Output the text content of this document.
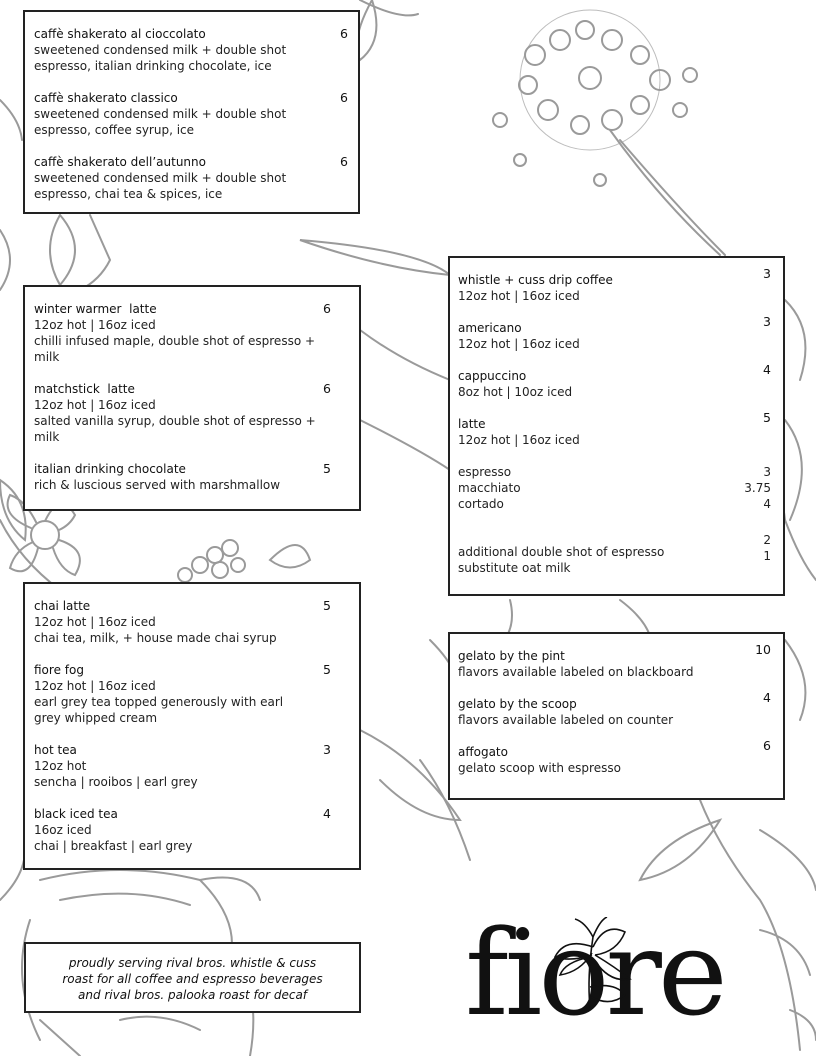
caffè shakerato al cioccolato
sweetened condensed milk + double shot
espresso, italian drinking chocolate, ice
6
caffè shakerato classico
sweetened condensed milk + double shot
espresso, coffee syrup, ice
6
caffè shakerato dell’autunno
sweetened condensed milk + double shot
espresso, chai tea & spices, ice
6
winter warmer  latte
12oz hot | 16oz iced
chilli infused maple, double shot of espresso +
milk
6
matchstick  latte
12oz hot | 16oz iced
salted vanilla syrup, double shot of espresso +
milk
6
italian drinking chocolate
rich & luscious served with marshmallow
5
chai latte
12oz hot | 16oz iced
chai tea, milk, + house made chai syrup
5
fiore fog
12oz hot | 16oz iced
earl grey tea topped generously with earl
grey whipped cream
5
hot tea
12oz hot
sencha | rooibos | earl grey
3
black iced tea
16oz iced
chai | breakfast | earl grey
4
whistle + cuss drip coffee
12oz hot | 16oz iced
3
americano
12oz hot | 16oz iced
3
cappuccino
8oz hot | 10oz iced
4
latte
12oz hot | 16oz iced
5
espresso
macchiato
cortado
3
3.75
4
additional double shot of espresso
substitute oat milk
2
1
gelato by the pint
flavors available labeled on blackboard
10
gelato by the scoop
flavors available labeled on counter
4
affogato
gelato scoop with espresso
6
proudly serving rival bros. whistle & cuss
roast for all coffee and espresso beverages
and rival bros. palooka roast for decaf	fiore
